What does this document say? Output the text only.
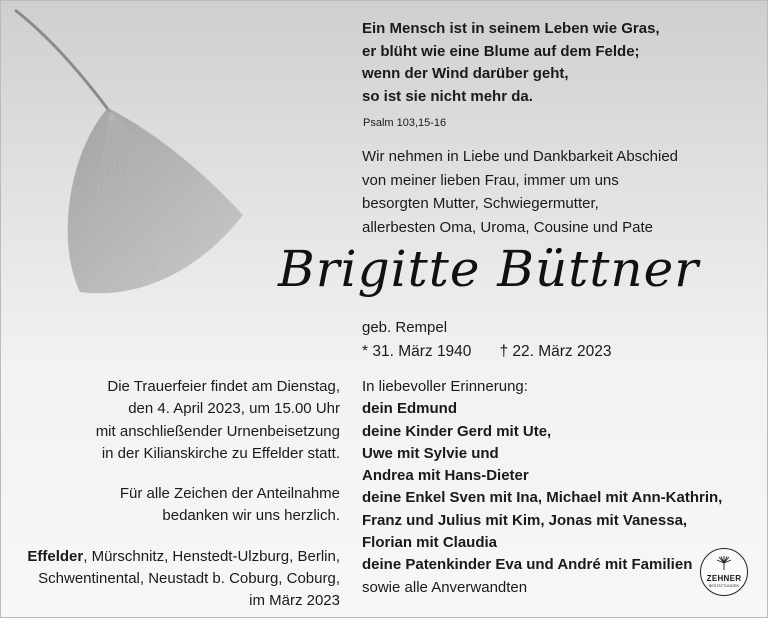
Ein Mensch ist in seinem Leben wie Gras,
er blüht wie eine Blume auf dem Felde;
wenn der Wind darüber geht,
so ist sie nicht mehr da.
Psalm 103,15-16
Wir nehmen in Liebe und Dankbarkeit Abschied
von meiner lieben Frau, immer um uns
besorgten Mutter, Schwiegermutter,
allerbesten Oma, Uroma, Cousine und Pate
Brigitte Büttner
geb. Rempel
* 31. März 1940 † 22. März 2023
Die Trauerfeier findet am Dienstag,
den 4. April 2023, um 15.00 Uhr
mit anschließender Urnenbeisetzung
in der Kilianskirche zu Effelder statt.
Für alle Zeichen der Anteilnahme
bedanken wir uns herzlich.
Effelder, Mürschnitz, Henstedt-Ulzburg, Berlin,
Schwentinental, Neustadt b. Coburg, Coburg,
im März 2023
In liebevoller Erinnerung:
dein Edmund
deine Kinder Gerd mit Ute,
Uwe mit Sylvie und
Andrea mit Hans-Dieter
deine Enkel Sven mit Ina, Michael mit Ann-Kathrin,
Franz und Julius mit Kim, Jonas mit Vanessa,
Florian mit Claudia
deine Patenkinder Eva und André mit Familien
sowie alle Anverwandten
ZEHNER
BESTATTUNGEN
